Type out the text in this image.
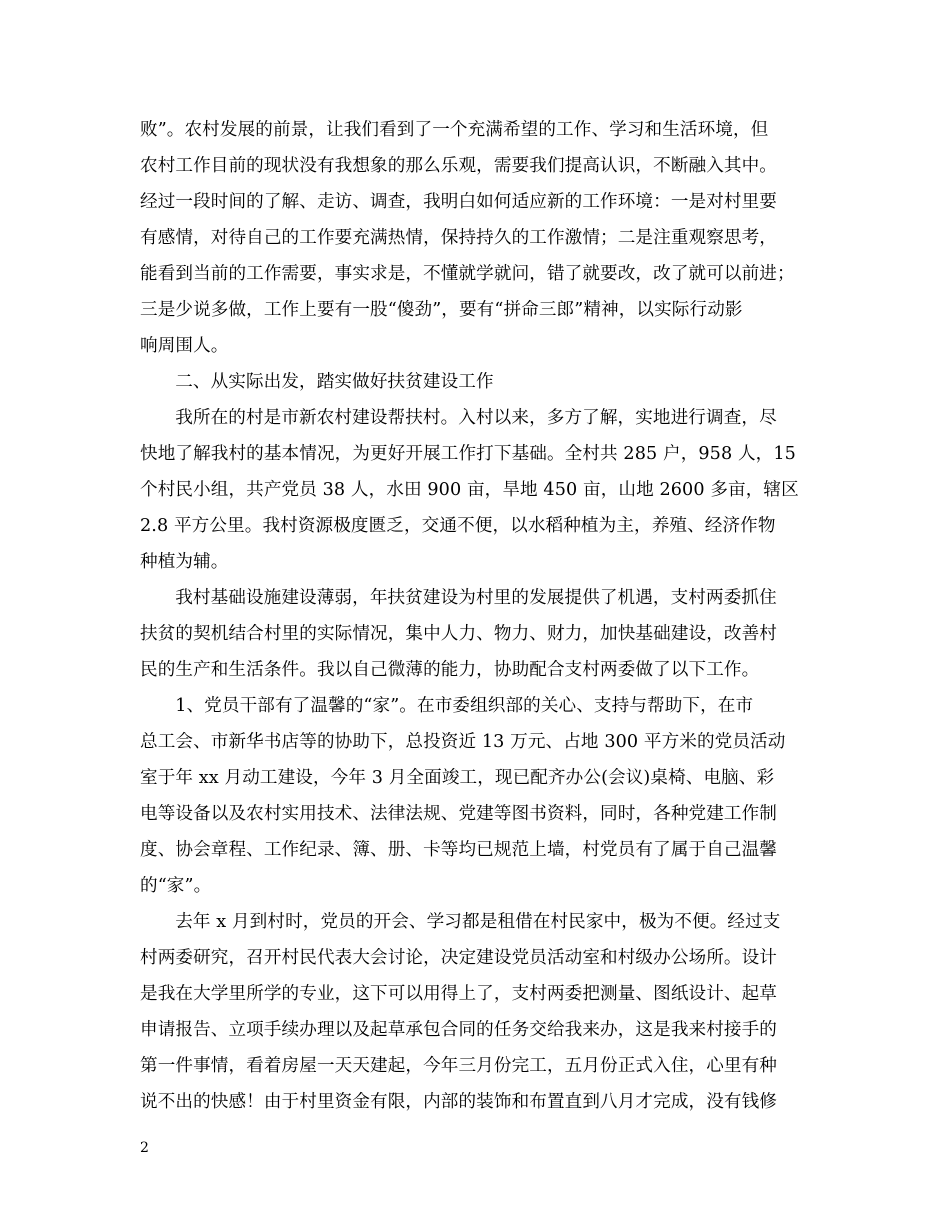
败”。农村发展的前景，让我们看到了一个充满希望的工作、学习和生活环境，但
农村工作目前的现状没有我想象的那么乐观，需要我们提高认识，不断融入其中。
经过一段时间的了解、走访、调查，我明白如何适应新的工作环境：一是对村里要
有感情，对待自己的工作要充满热情，保持持久的工作激情；二是注重观察思考，
能看到当前的工作需要，事实求是，不懂就学就问，错了就要改，改了就可以前进；
三是少说多做，工作上要有一股“傻劲”，要有“拼命三郎”精神，以实际行动影
响周围人。

二、从实际出发，踏实做好扶贫建设工作

我所在的村是市新农村建设帮扶村。入村以来，多方了解，实地进行调查，尽
快地了解我村的基本情况，为更好开展工作打下基础。全村共 285 户，958 人，15
个村民小组，共产党员 38 人，水田 900 亩，旱地 450 亩，山地 2600 多亩，辖区
2.8 平方公里。我村资源极度匮乏，交通不便，以水稻种植为主，养殖、经济作物
种植为辅。

我村基础设施建设薄弱，年扶贫建设为村里的发展提供了机遇，支村两委抓住
扶贫的契机结合村里的实际情况，集中人力、物力、财力，加快基础建设，改善村
民的生产和生活条件。我以自己微薄的能力，协助配合支村两委做了以下工作。

1、党员干部有了温馨的“家”。在市委组织部的关心、支持与帮助下，在市
总工会、市新华书店等的协助下，总投资近 13 万元、占地 300 平方米的党员活动
室于年 xx 月动工建设，今年 3 月全面竣工，现已配齐办公(会议)桌椅、电脑、彩
电等设备以及农村实用技术、法律法规、党建等图书资料，同时，各种党建工作制
度、协会章程、工作纪录、簿、册、卡等均已规范上墙，村党员有了属于自己温馨
的“家”。

去年 x 月到村时，党员的开会、学习都是租借在村民家中，极为不便。经过支
村两委研究，召开村民代表大会讨论，决定建设党员活动室和村级办公场所。设计
是我在大学里所学的专业，这下可以用得上了，支村两委把测量、图纸设计、起草
申请报告、立项手续办理以及起草承包合同的任务交给我来办，这是我来村接手的
第一件事情，看着房屋一天天建起，今年三月份完工，五月份正式入住，心里有种
说不出的快感！由于村里资金有限，内部的装饰和布置直到八月才完成，没有钱修

2
